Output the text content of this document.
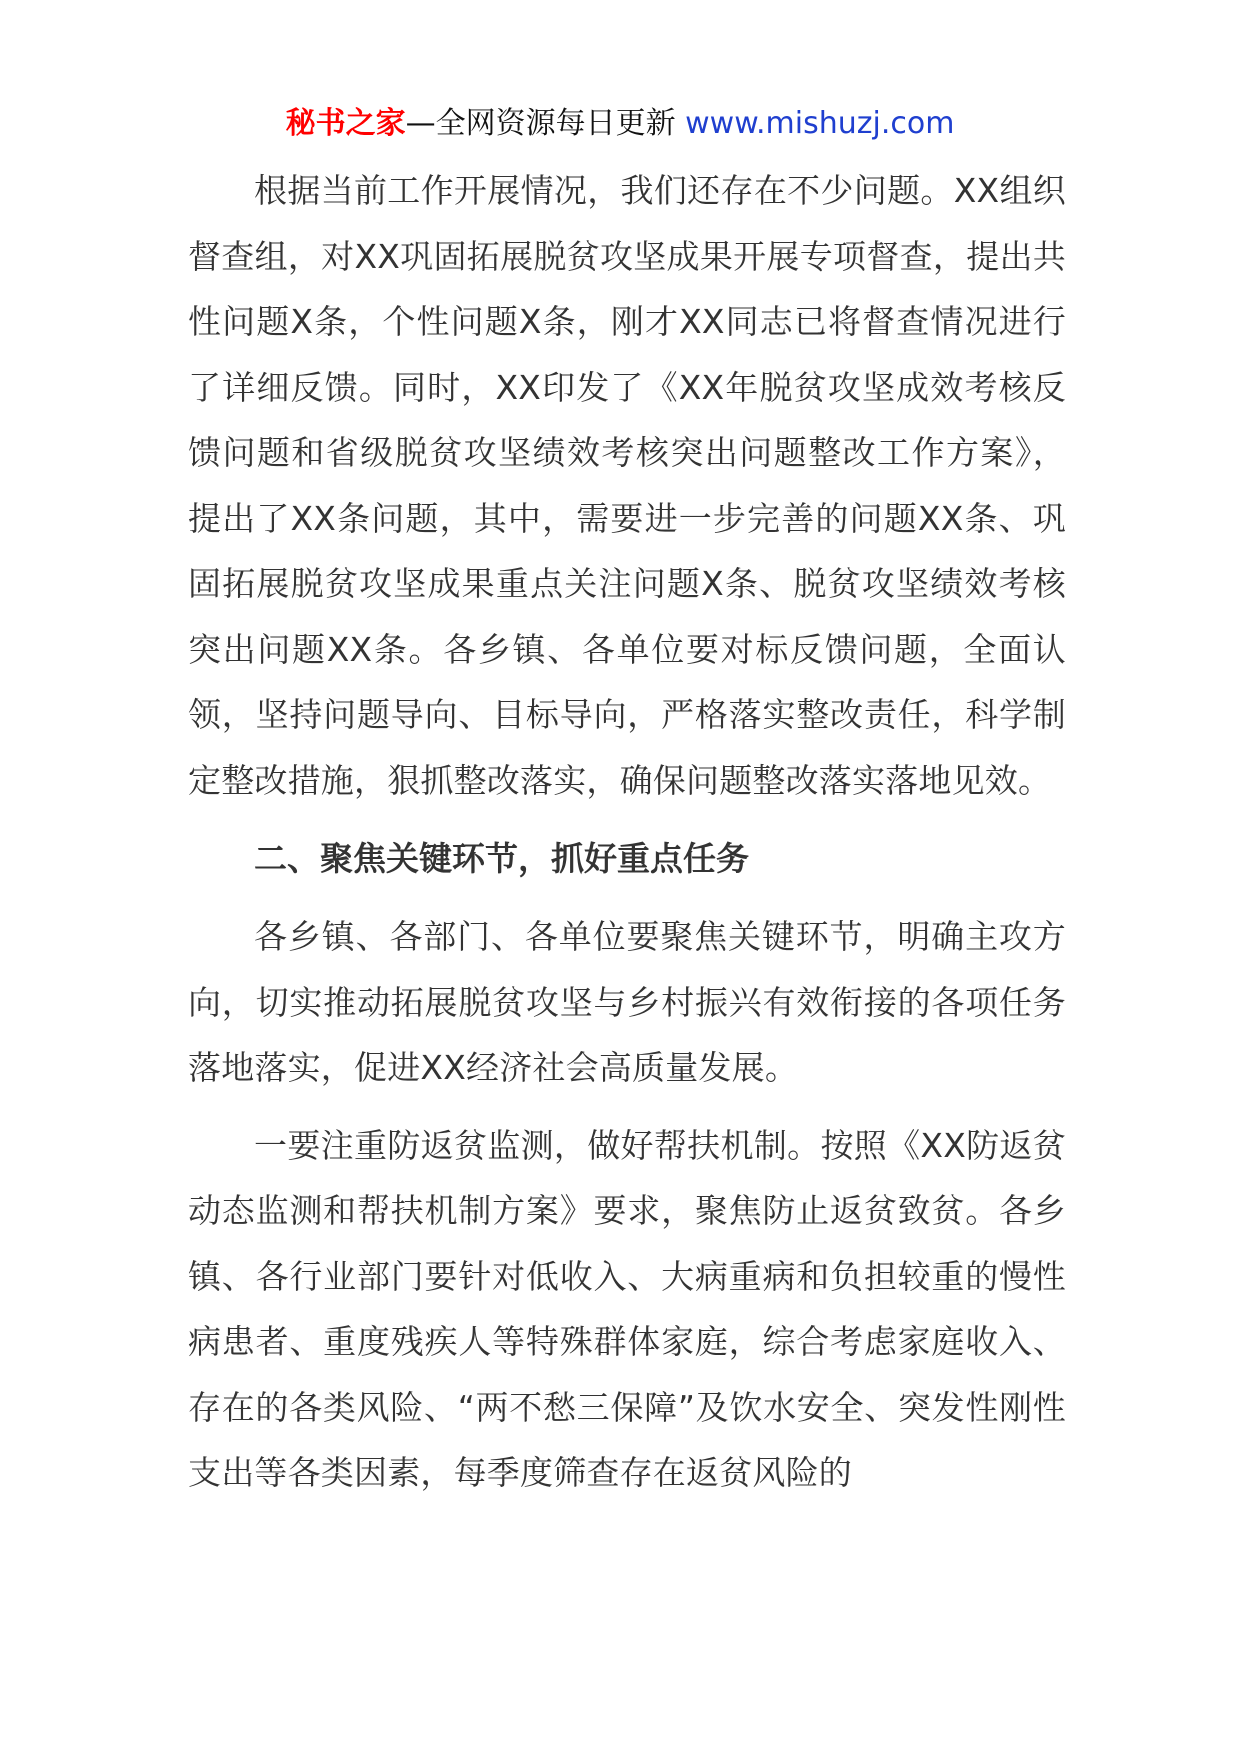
秘书之家—全网资源每日更新 www.mishuzj.com

根据当前工作开展情况，我们还存在不少问题。XX组织督查组，对XX巩固拓展脱贫攻坚成果开展专项督查，提出共性问题X条，个性问题X条，刚才XX同志已将督查情况进行了详细反馈。同时，XX印发了《XX年脱贫攻坚成效考核反馈问题和省级脱贫攻坚绩效考核突出问题整改工作方案》，提出了XX条问题，其中，需要进一步完善的问题XX条、巩固拓展脱贫攻坚成果重点关注问题X条、脱贫攻坚绩效考核突出问题XX条。各乡镇、各单位要对标反馈问题，全面认领，坚持问题导向、目标导向，严格落实整改责任，科学制定整改措施，狠抓整改落实，确保问题整改落实落地见效。

二、聚焦关键环节，抓好重点任务

各乡镇、各部门、各单位要聚焦关键环节，明确主攻方向，切实推动拓展脱贫攻坚与乡村振兴有效衔接的各项任务落地落实，促进XX经济社会高质量发展。

一要注重防返贫监测，做好帮扶机制。按照《XX防返贫动态监测和帮扶机制方案》要求，聚焦防止返贫致贫。各乡镇、各行业部门要针对低收入、大病重病和负担较重的慢性病患者、重度残疾人等特殊群体家庭，综合考虑家庭收入、存在的各类风险、“两不愁三保障”及饮水安全、突发性刚性支出等各类因素，每季度筛查存在返贫风险的
